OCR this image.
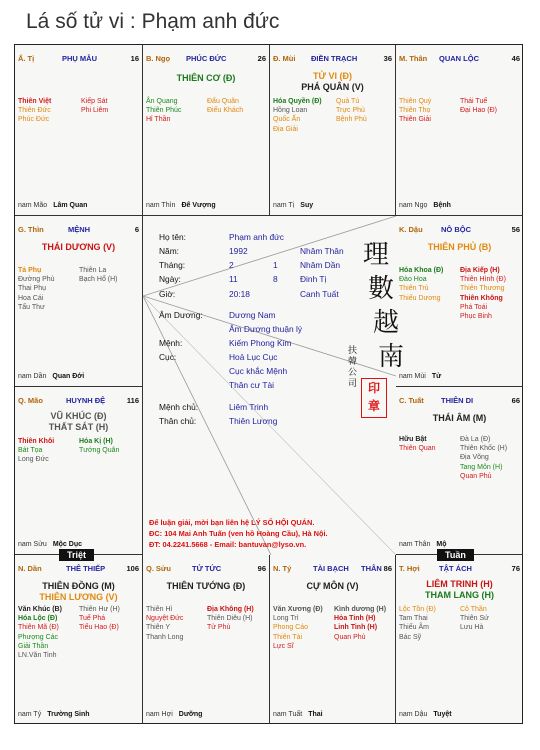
Lá số tử vi : Phạm anh đức
Ấ. Tị	PHỤ MẪU	16
Thiên Việt
Thiên Đức
Phúc Đức
Kiếp Sát
Phi Liêm
nam Mão Lâm Quan
B. Ngọ PHÚC ĐỨC	26
THIÊN CƠ (Đ)
Ân Quang
Thiên Phúc
Hỉ Thần
Đẩu Quân
Điếu Khách
nam Thìn Đế Vượng
Đ. Mùi ĐIỀN TRẠCH	36
TỬ VI (Đ)
PHÁ QUÂN (V)
Hóa Quyền (Đ)
Hồng Loan
Quốc Ấn
Địa Giải
Quả Tú
Trực Phù
Bệnh Phù
nam Tị Suy
M. Thân QUAN LỘC	46
Thiên Quý
Thiên Thọ
Thiên Giải
Thái Tuế
Đại Hao (Đ)
nam Ngọ Bệnh
G. Thìn	MỆNH	6
THÁI DƯƠNG (V)
Tả Phụ
Đường Phù
Thai Phụ
Hoa Cái
Tấu Thư
Thiên La
Bạch Hổ (H)
nam Dần Quan Đới
K. Dậu NÔ BỘC	56
THIÊN PHỦ (B)
Hóa Khoa (Đ)
Đào Hoa
Thiên Trù
Thiếu Dương
Địa Kiếp (H)
Thiên Hình (Đ)
Thiên Thương
Thiên Không
Phá Toái
Phục Binh
nam Mùi Tử
Q. Mão	HUYNH ĐỆ	116
VŨ KHÚC (Đ)
THẤT SÁT (H)
Thiên Khôi
Bát Tọa
Long Đức
Hóa Kị (H)
Tướng Quân
nam Sửu Mộc Dục
C. Tuất THIÊN DI	66
THÁI ÂM (M)
Hữu Bật
Thiên Quan
Đà La (Đ)
Thiên Khốc (H)
Địa Võng
Tang Môn (H)
Quan Phủ
nam Thân Mộ
N. Dần	THÊ THIẾP	106
THIÊN ĐỒNG (M)
THIÊN LƯƠNG (V)
Văn Khúc (B)
Hóa Lộc (Đ)
Thiên Mã (Đ)
Phượng Các
Giải Thần
LN.Văn Tinh
Thiên Hư (H)
Tuế Phá
Tiểu Hao (Đ)
nam Tý Trường Sinh
Q. Sửu	TỬ TỨC	96
THIÊN TƯỚNG (Đ)
Thiên Hỉ
Nguyệt Đức
Thiên Y
Thanh Long
Địa Không (H)
Thiên Diêu (H)
Tử Phù
nam Hợi Dưỡng
N. Tý	TÀI BẠCH THÂN 86
CỰ MÔN (V)
Văn Xương (Đ)
Long Trì
Phong Cáo
Thiên Tài
Lực Sĩ
Kình dương (H)
Hỏa Tinh (H)
Linh Tinh (H)
Quan Phù
nam Tuất Thai
T. Hợi	TẬT ÁCH	76
LIÊM TRINH (H)
THAM LANG (H)
Lộc Tồn (Đ)
Tam Thai
Thiếu Âm
Bác Sỹ
Cô Thần
Thiên Sứ
Lưu Hà
nam Dậu Tuyệt
Họ tên:	Phạm anh đức
Năm:	1992	Nhâm Thân
Tháng:	2	1	Nhâm Dần
Ngày:	11	8	Đinh Tị
Giờ:	20:18	Canh Tuất
Âm Dương:	Dương Nam
Âm Dương thuận lý
Mệnh:	Kiếm Phong Kim
Cục:	Hoả Lục Cục
Cục khắc Mệnh
Thân cư Tài
Mệnh chủ:	Liêm Trinh
Thân chủ:	Thiên Lương
理
數
越
南
扶
韓
公
司 印
章
Để luận giải, mời bạn liên hệ LÝ SỐ HỘI QUÁN.
ĐC: 104 Mai Anh Tuấn (ven hồ Hoàng Cầu), Hà Nội.
ĐT: 04.2241.5668 - Email: bantuvan@lyso.vn.
Triệt	Tuần
